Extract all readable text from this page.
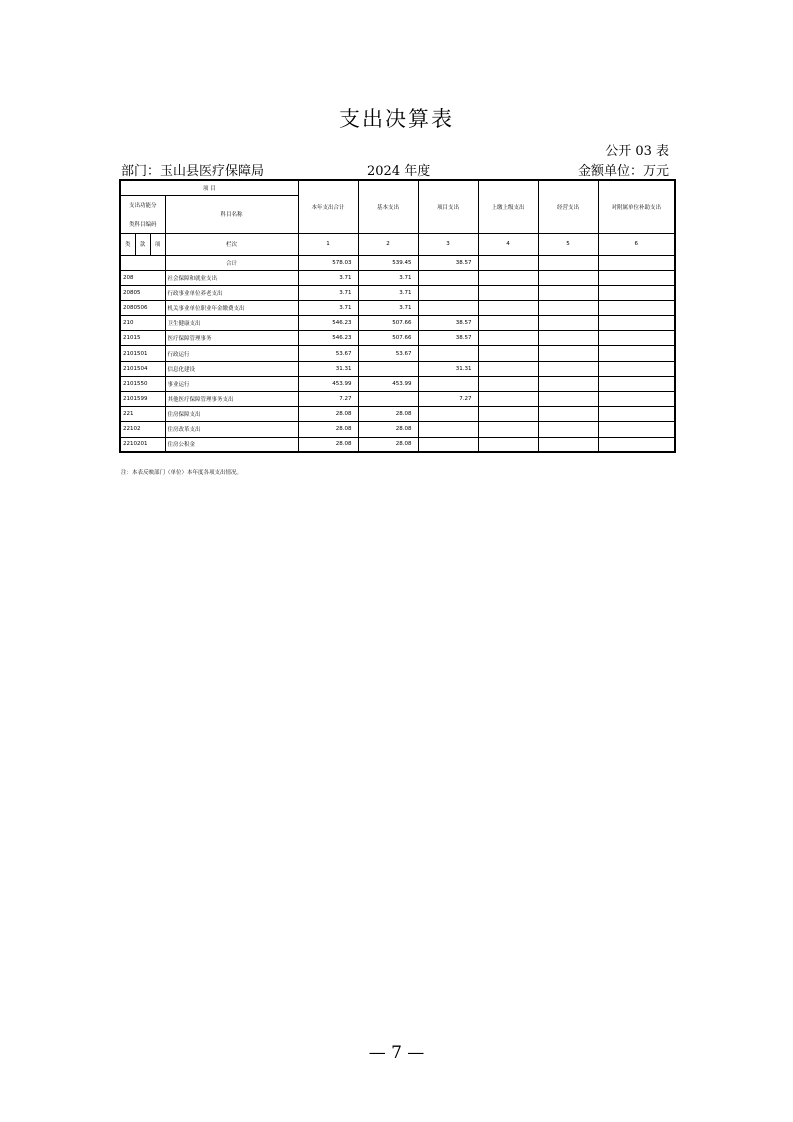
支出决算表
公开 03 表
部门：玉山县医疗保障局	2024 年度	金额单位：万元
项 目				本年支出合计	基本支出	项目支出	上缴上级支出	经营支出	对附属单位补助支出
支出功能分			科目名称						
类科目编码									
类	款	项	栏次	1	2	3	4	5	6
			合计	578.03	539.45	38.57			
208			社会保障和就业支出	3.71	3.71				
20805			行政事业单位养老支出	3.71	3.71				
2080506			机关事业单位职业年金缴费支出	3.71	3.71				
210			卫生健康支出	546.23	507.66	38.57			
21015			医疗保障管理事务	546.23	507.66	38.57			
2101501			行政运行	53.67	53.67				
2101504			信息化建设	31.31		31.31			
2101550			事业运行	453.99	453.99				
2101599			其他医疗保障管理事务支出	7.27		7.27			
221			住房保障支出	28.08	28.08				
22102			住房改革支出	28.08	28.08				
2210201			住房公积金	28.08	28.08				
注：本表反映部门（单位）本年度各项支出情况。
— 7 —
